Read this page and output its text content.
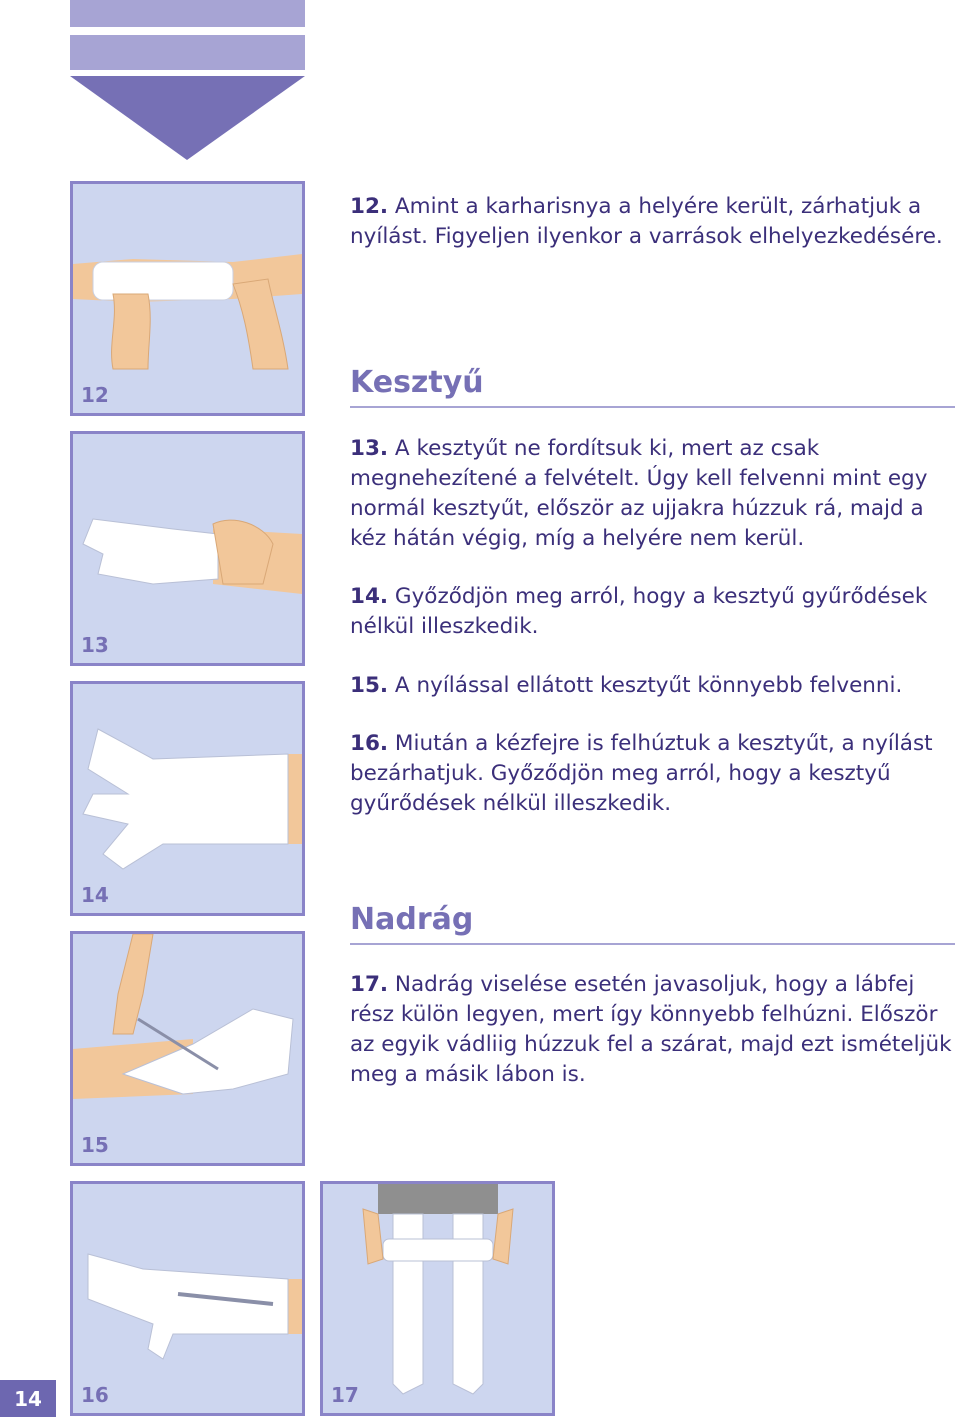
12
13
14
15
16	17

12. Amint a karharisnya a helyére került, zárhatjuk a nyílást. Figyeljen ilyenkor a varrások elhelyezkedésére.

Kesztyű

13. A kesztyűt ne fordítsuk ki, mert az csak megnehezítené a felvételt. Úgy kell felvenni mint egy normál kesztyűt, először az ujjakra húzzuk rá, majd a kéz hátán végig, míg a helyére nem kerül.

14. Győződjön meg arról, hogy a kesztyű gyűrődések nélkül illeszkedik.

15. A nyílással ellátott kesztyűt könnyebb felvenni.

16. Miután a kézfejre is felhúztuk a kesztyűt, a nyílást bezárhatjuk. Győződjön meg arról, hogy a kesztyű gyűrődések nélkül illeszkedik.

Nadrág

17. Nadrág viselése esetén javasoljuk, hogy a lábfej rész külön legyen, mert így könnyebb felhúzni. Először az egyik vádliig húzzuk fel a szárat, majd ezt ismételjük meg a másik lábon is.

14
